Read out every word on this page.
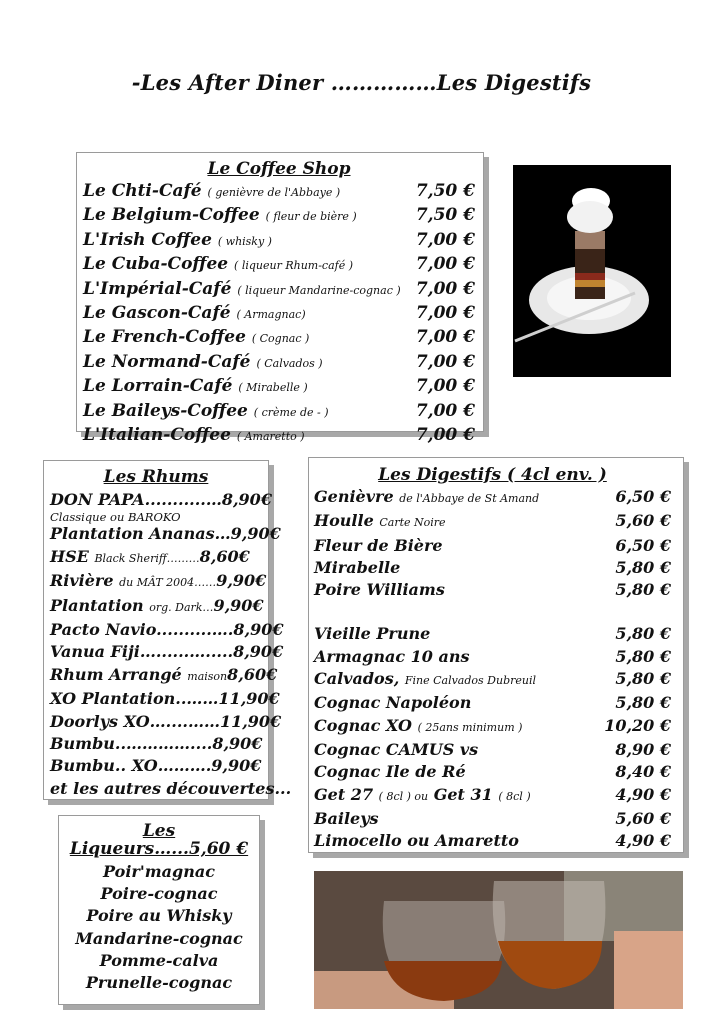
-Les After Diner ……………Les Digestifs
Le Coffee Shop
Le Chti-Café ( genièvre de l'Abbaye )	7,50 €
Le Belgium-Coffee ( fleur de bière )	7,50 €
L'Irish Coffee ( whisky )	7,00 €
Le Cuba-Coffee ( liqueur Rhum-café )	7,00 €
L'Impérial-Café ( liqueur Mandarine-cognac ) 7,00 €
Le Gascon-Café ( Armagnac)	7,00 €
Le French-Coffee ( Cognac )	7,00 €
Le Normand-Café ( Calvados )	7,00 €
Le Lorrain-Café ( Mirabelle )	7,00 €
Le Baileys-Coffee ( crème de - )	7,00 €
L'Italian-Coffee ( Amaretto )	7,00 €
Les Rhums
DON PAPA...........…8,90€
Classique ou BAROKO
Plantation Ananas…9,90€
HSE Black Sheriff………8,60€
Rivière du MÂT 2004……9,90€
Plantation org. Dark…9,90€
Pacto Navio..........….8,90€
Vanua Fiji…......….....8,90€
Rhum Arrangé maison8,60€
XO Plantation..……11,90€
Doorlys XO…....……11,90€
Bumbu..…………....8,90€
Bumbu.. XO……….9,90€
et les autres découvertes...
Les Liqueurs…...5,60 €
Poir'magnac
Poire-cognac
Poire au Whisky
Mandarine-cognac
Pomme-calva
Prunelle-cognac
Les Digestifs ( 4cl env. )
Genièvre de l'Abbaye de St Amand	6,50 €
Houlle Carte Noire	5,60 €
Fleur de Bière	6,50 €
Mirabelle	5,80 €
Poire Williams	5,80 €
Vieille Prune	5,80 €
Armagnac 10 ans	5,80 €
Calvados, Fine Calvados Dubreuil	5,80 €
Cognac Napoléon	5,80 €
Cognac XO ( 25ans minimum )	10,20 €
Cognac CAMUS vs	8,90 €
Cognac Ile de Ré	8,40 €
Get 27 ( 8cl ) ou Get 31 ( 8cl )	4,90 €
Baileys	5,60 €
Limocello ou Amaretto	4,90 €
